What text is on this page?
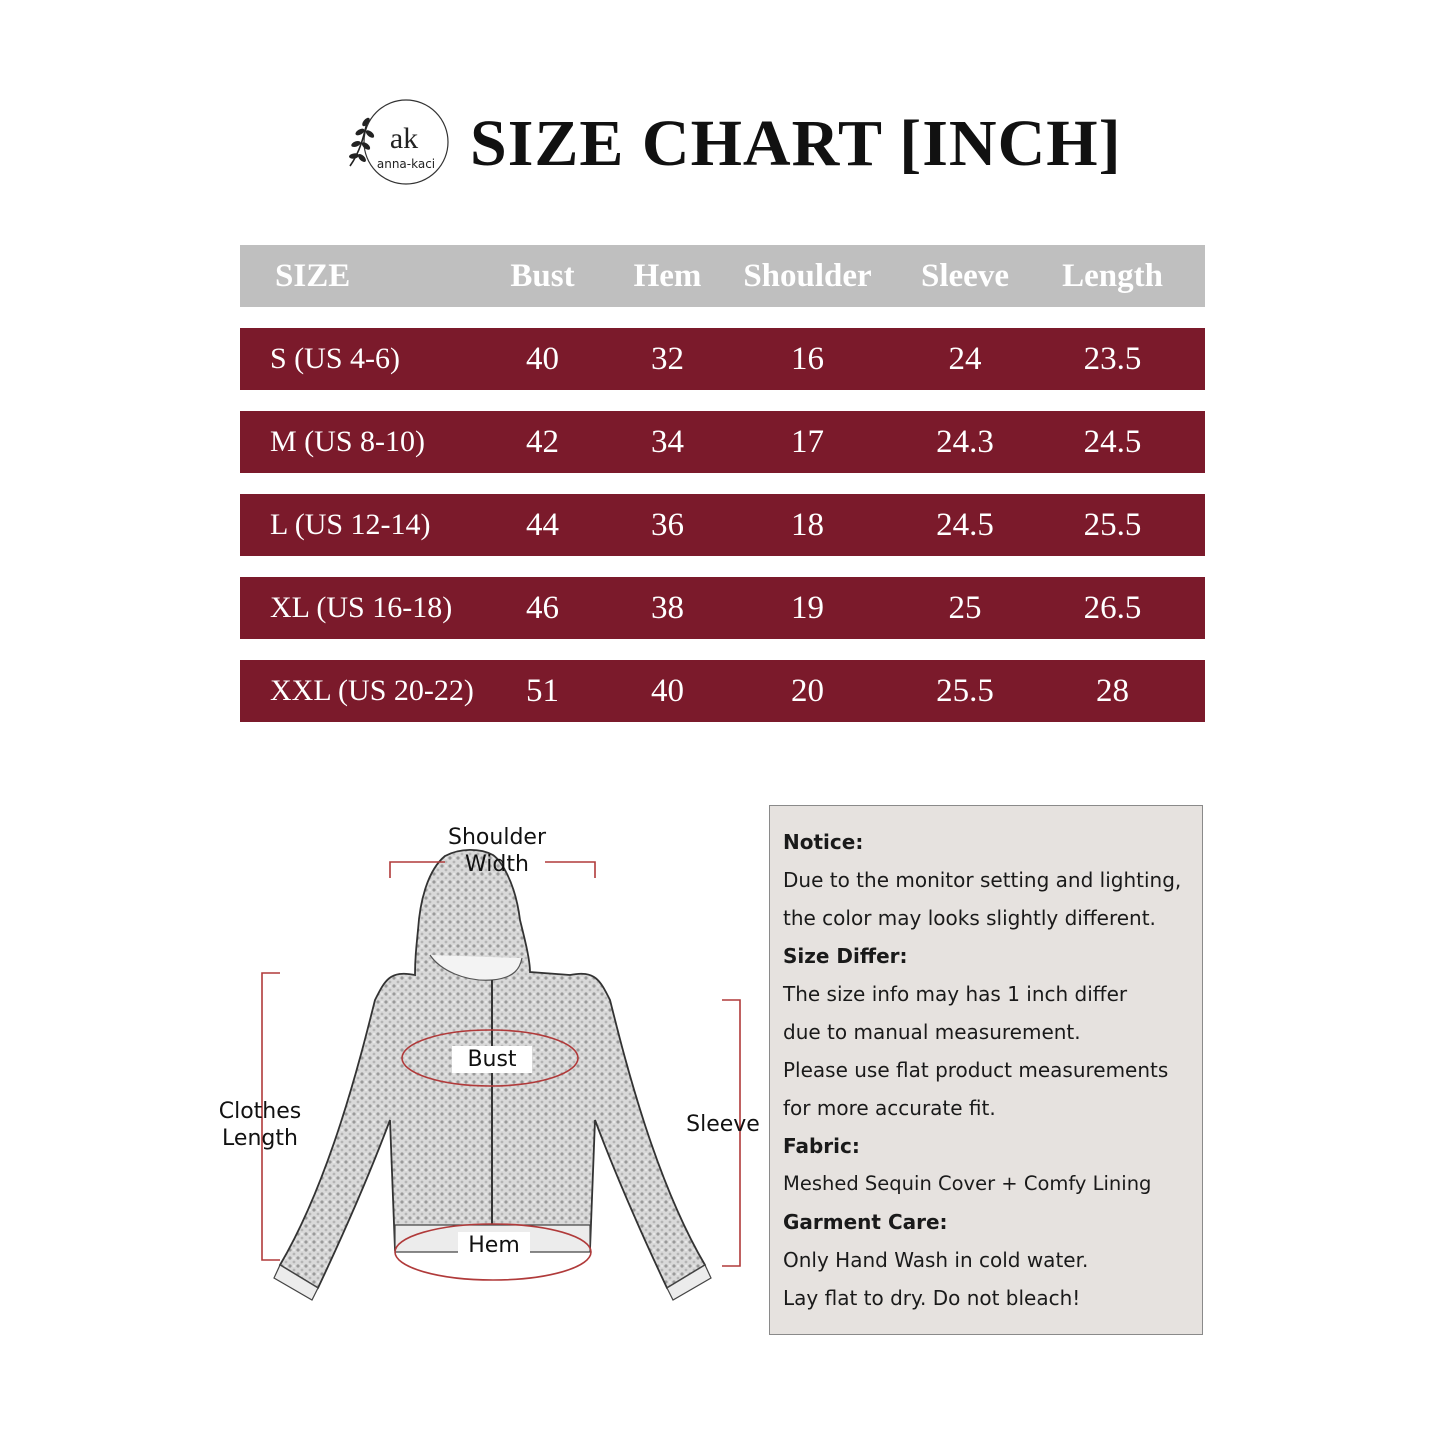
ak
anna-kaci SIZE CHART [INCH]
SIZE	Bust	Hem	Shoulder	Sleeve	Length
S (US 4-6)	40	32	16	24	23.5
M (US 8-10)	42	34	17	24.3	24.5
L (US 12-14)	44	36	18	24.5	25.5
XL (US 16-18)	46	38	19	25	26.5
XXL (US 20-22)	51	40	20	25.5	28
Shoulder
Width
Bust
Hem
Clothes
Length
Sleeve
Notice:
Due to the monitor setting and lighting,
the color may looks slightly different.
Size Differ:
The size info may has 1 inch differ
due to manual measurement.
Please use flat product measurements
for more accurate fit.
Fabric:
Meshed Sequin Cover + Comfy Lining
Garment Care:
Only Hand Wash in cold water.
Lay flat to dry. Do not bleach!
